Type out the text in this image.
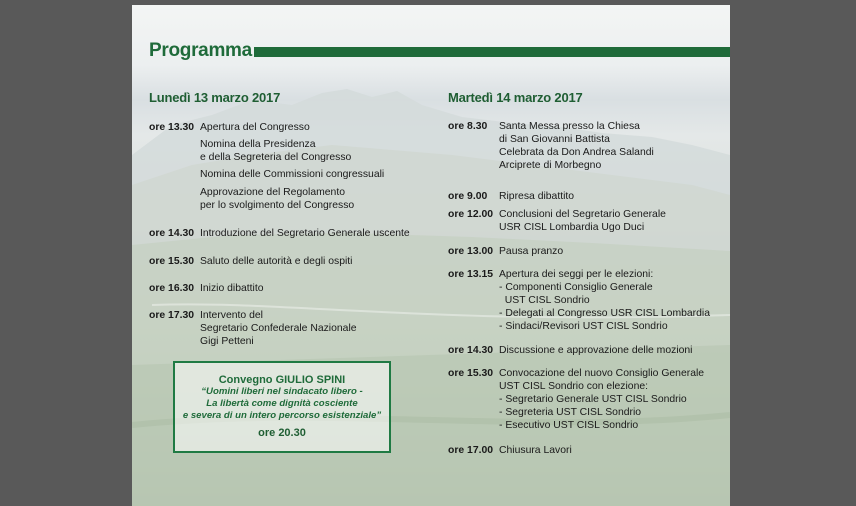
Programma
Lunedì 13 marzo 2017	Martedì 14 marzo 2017
ore 13.30 Apertura del Congresso
Nomina della Presidenza
e della Segreteria del Congresso
Nomina delle Commissioni congressuali
Approvazione del Regolamento
per lo svolgimento del Congresso
ore 14.30 Introduzione del Segretario Generale uscente
ore 15.30 Saluto delle autorità e degli ospiti
ore 16.30 Inizio dibattito
ore 17.30 Intervento del
Segretario Confederale Nazionale
Gigi Petteni
ore 8.30 Santa Messa presso la Chiesa
di San Giovanni Battista
Celebrata da Don Andrea Salandi
Arciprete di Morbegno
ore 9.00 Ripresa dibattito
ore 12.00 Conclusioni del Segretario Generale
USR CISL Lombardia Ugo Duci
ore 13.00 Pausa pranzo
ore 13.15 Apertura dei seggi per le elezioni:
- Componenti Consiglio Generale
UST CISL Sondrio
- Delegati al Congresso USR CISL Lombardia
- Sindaci/Revisori UST CISL Sondrio
ore 14.30 Discussione e approvazione delle mozioni
ore 15.30 Convocazione del nuovo Consiglio Generale
UST CISL Sondrio con elezione:
- Segretario Generale UST CISL Sondrio
- Segreteria UST CISL Sondrio
- Esecutivo UST CISL Sondrio
ore 17.00 Chiusura Lavori
Convegno GIULIO SPINI
“Uomini liberi nel sindacato libero -
La libertà come dignità cosciente
e severa di un intero percorso esistenziale”
ore 20.30
